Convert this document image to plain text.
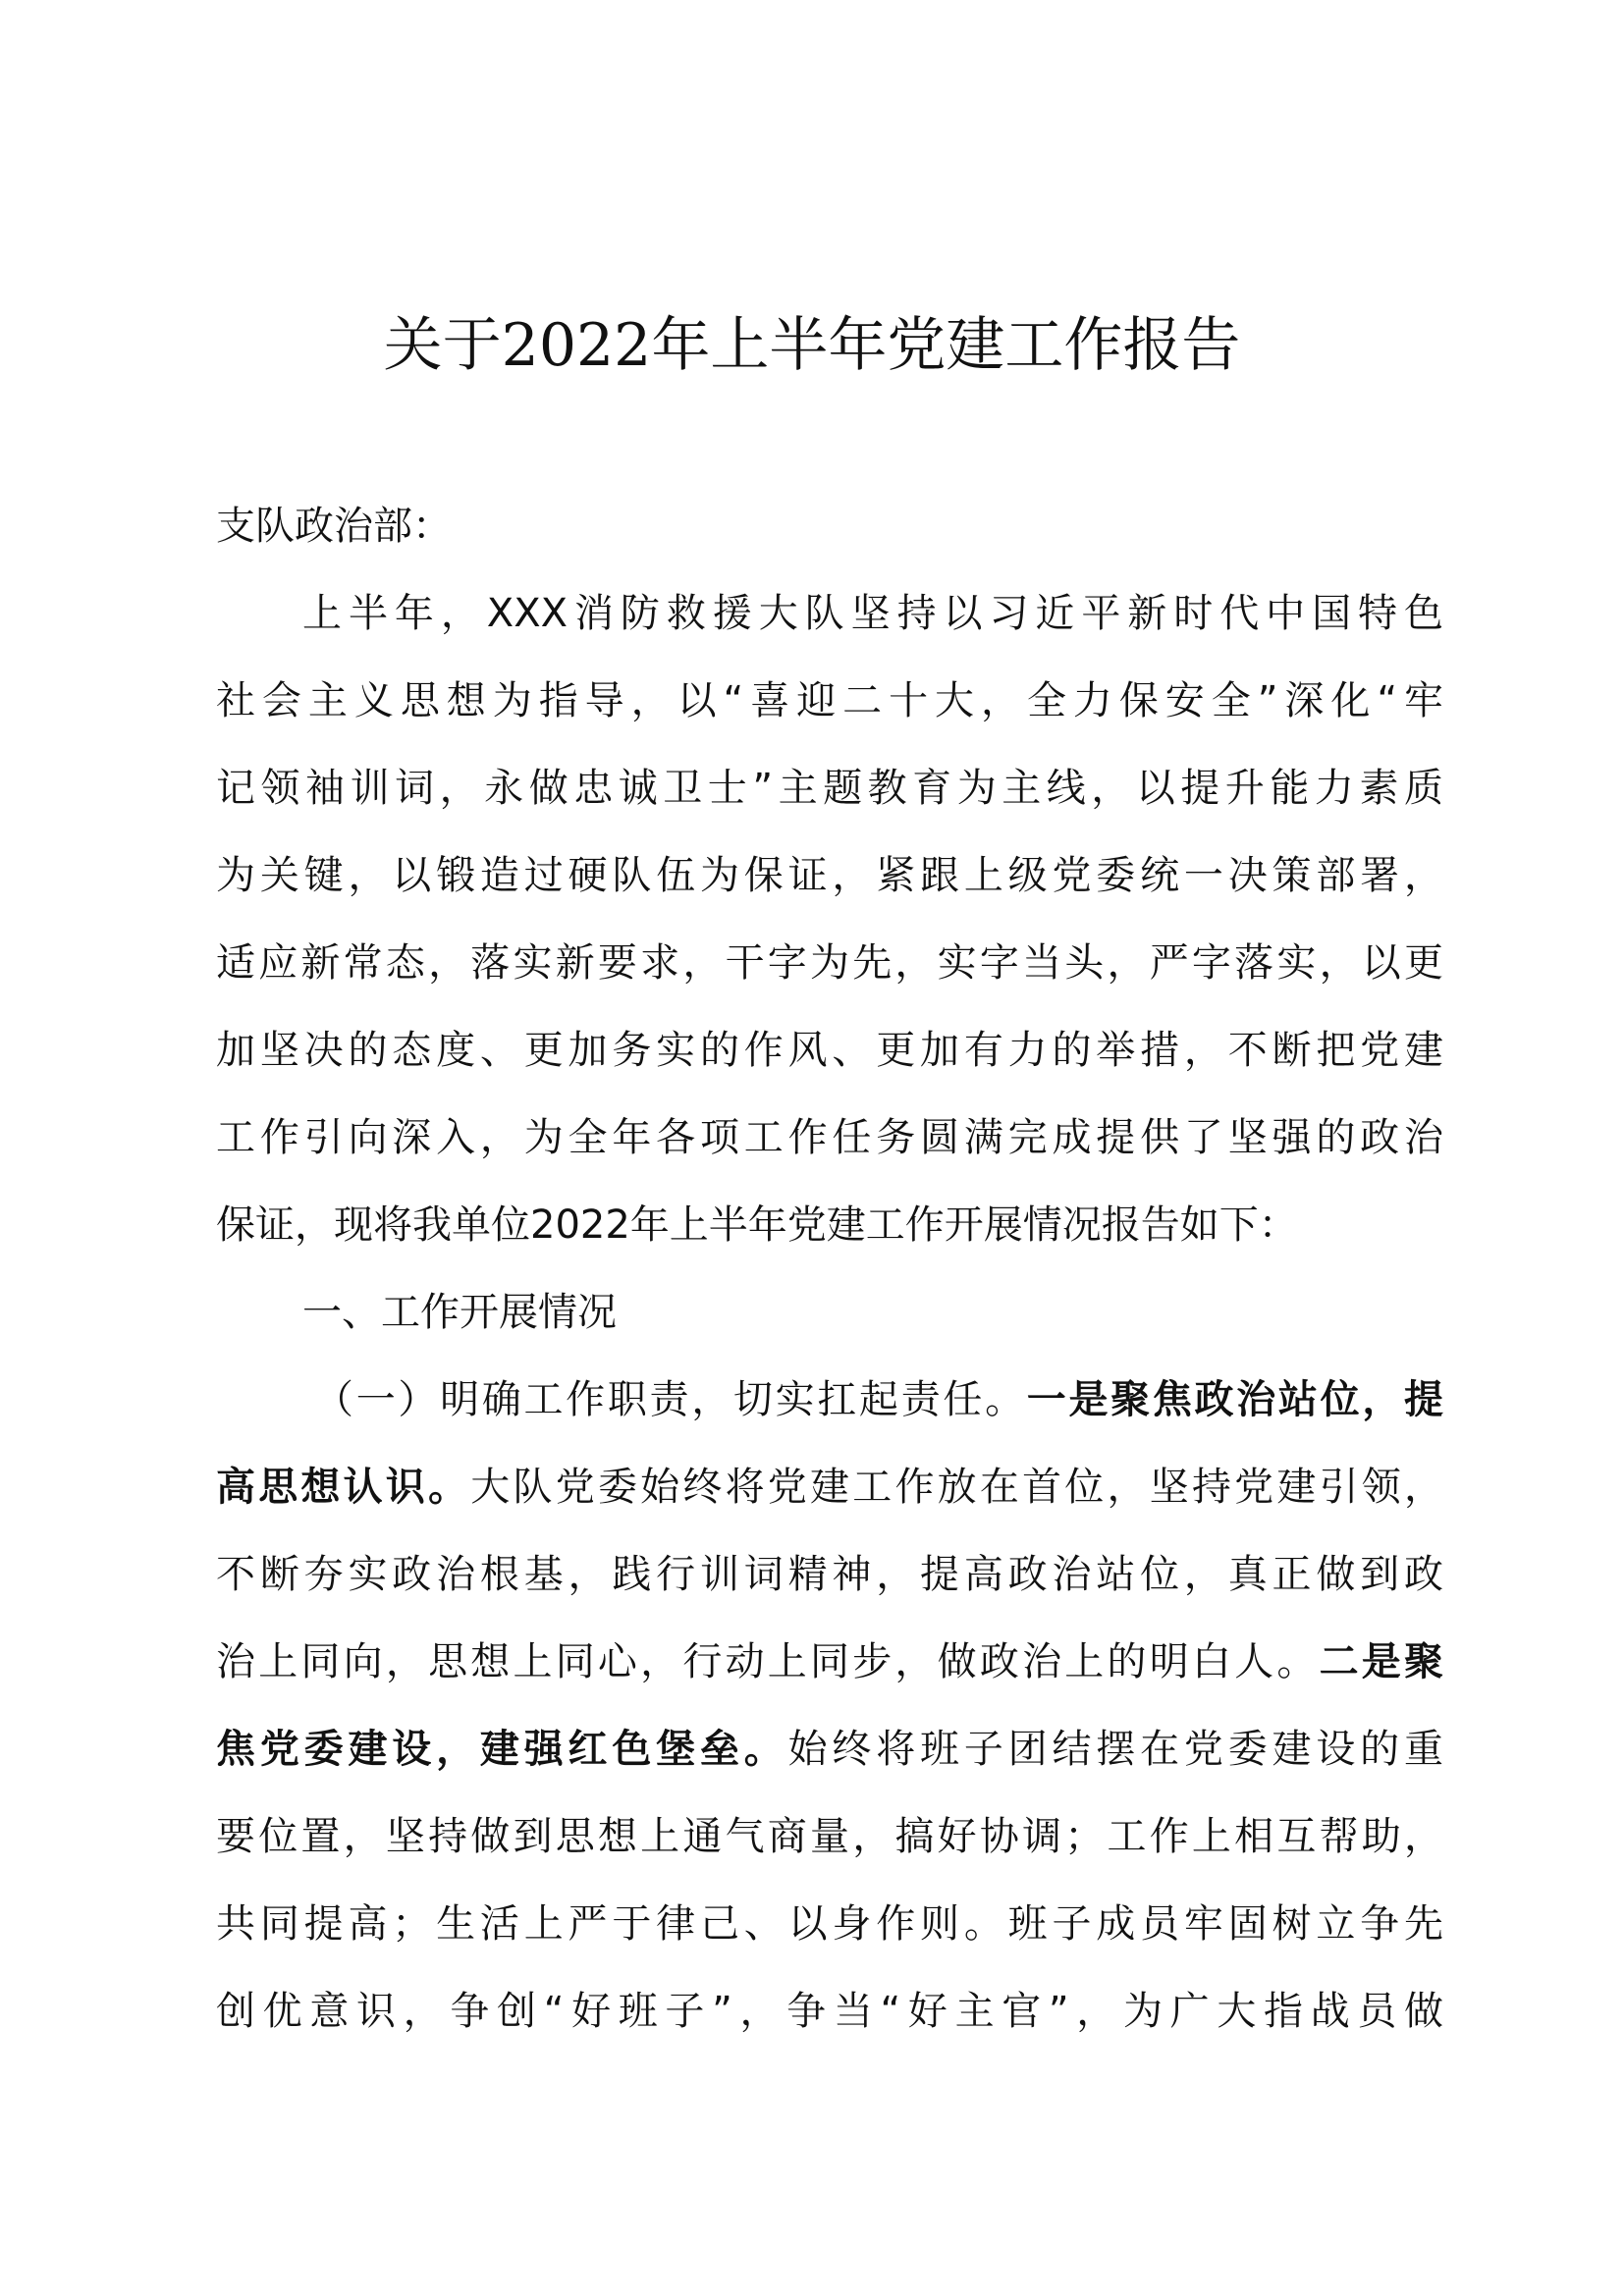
关于2022年上半年党建工作报告
支队政治部：
上半年，XXX消防救援大队坚持以习近平新时代中国特色
社会主义思想为指导，以“喜迎二十大，全力保安全”深化“牢
记领袖训词，永做忠诚卫士”主题教育为主线，以提升能力素质
为关键，以锻造过硬队伍为保证，紧跟上级党委统一决策部署，
适应新常态，落实新要求，干字为先，实字当头，严字落实，以更
加坚决的态度、更加务实的作风、更加有力的举措，不断把党建
工作引向深入，为全年各项工作任务圆满完成提供了坚强的政治
保证，现将我单位2022年上半年党建工作开展情况报告如下：
一、工作开展情况
（一）明确工作职责，切实扛起责任。一是聚焦政治站位，提
高思想认识。大队党委始终将党建工作放在首位，坚持党建引领，
不断夯实政治根基，践行训词精神，提高政治站位，真正做到政
治上同向，思想上同心，行动上同步，做政治上的明白人。二是聚
焦党委建设，建强红色堡垒。始终将班子团结摆在党委建设的重
要位置，坚持做到思想上通气商量，搞好协调；工作上相互帮助，
共同提高；生活上严于律己、以身作则。班子成员牢固树立争先
创优意识，争创“好班子”，争当“好主官”，为广大指战员做
